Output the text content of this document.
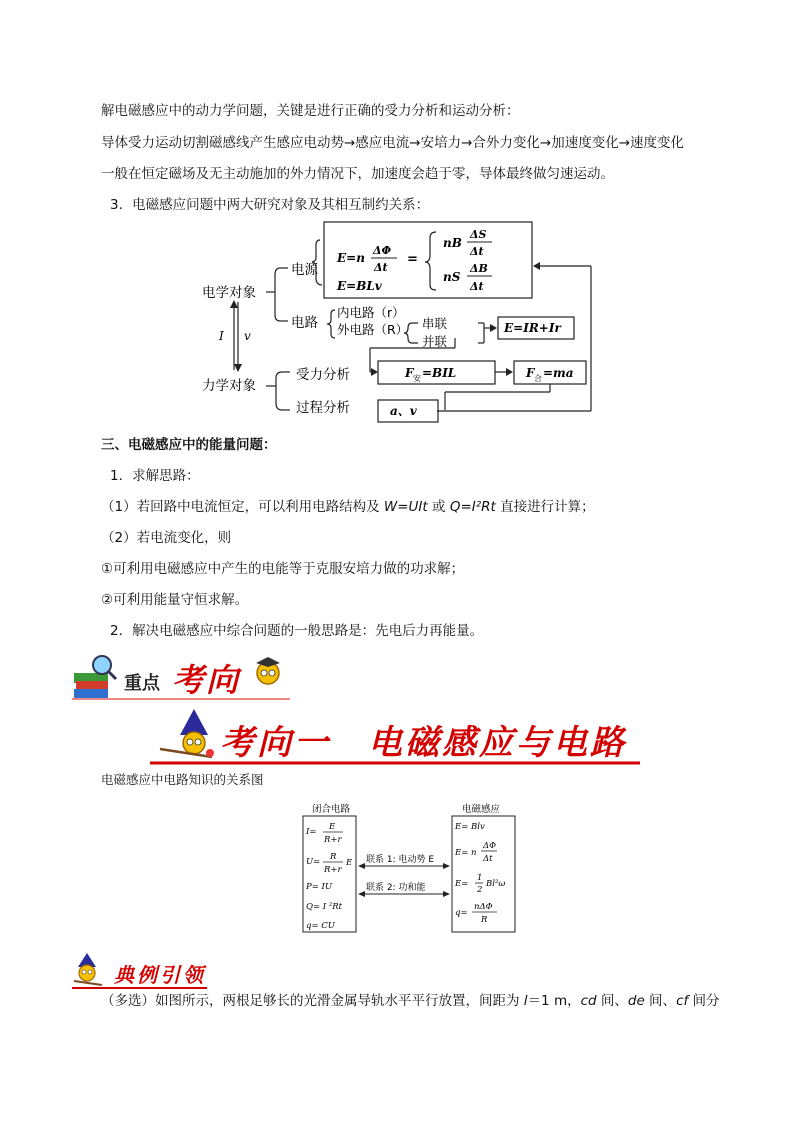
解电磁感应中的动力学问题，关键是进行正确的受力分析和运动分析：
导体受力运动切割磁感线产生感应电动势→感应电流→安培力→合外力变化→加速度变化→速度变化
一般在恒定磁场及无主动施加的外力情况下，加速度会趋于零，导体最终做匀速运动。
3．电磁感应问题中两大研究对象及其相互制约关系：
电学对象
力学对象
I v
电源
电路
内电路（r）
外电路（R） 串联
并联
受力分析
过程分析
E=n
ΔΦ
Δt
=
nB
ΔS
Δt
nS
ΔB
Δt
E=BLv
E=IR+Ir
F 安 =BIL	F 合 =ma
a、v
三、电磁感应中的能量问题：
1．求解思路：
（1）若回路中电流恒定，可以利用电路结构及 W=UIt 或 Q=I²Rt 直接进行计算；
（2）若电流变化，则
①可利用电磁感应中产生的电能等于克服安培力做的功求解；
②可利用能量守恒求解。
2．解决电磁感应中综合问题的一般思路是：先电后力再能量。
重点 考向
考向一　电磁感应与电路
电磁感应中电路知识的关系图
闭合电路	电磁感应
联系 1: 电动势 E
联系 2: 功和能
I= E
R+r
U= R
R+r
E
P= IU
Q= I ²Rt
q= CU
E= Blv
E= n
ΔΦ
Δt
E=
1
2
Bl²ω
q=
nΔΦ
R
典例引领
（多选）如图所示，两根足够长的光滑金属导轨水平平行放置，间距为 l＝1 m，cd 间、de 间、cf 间分
